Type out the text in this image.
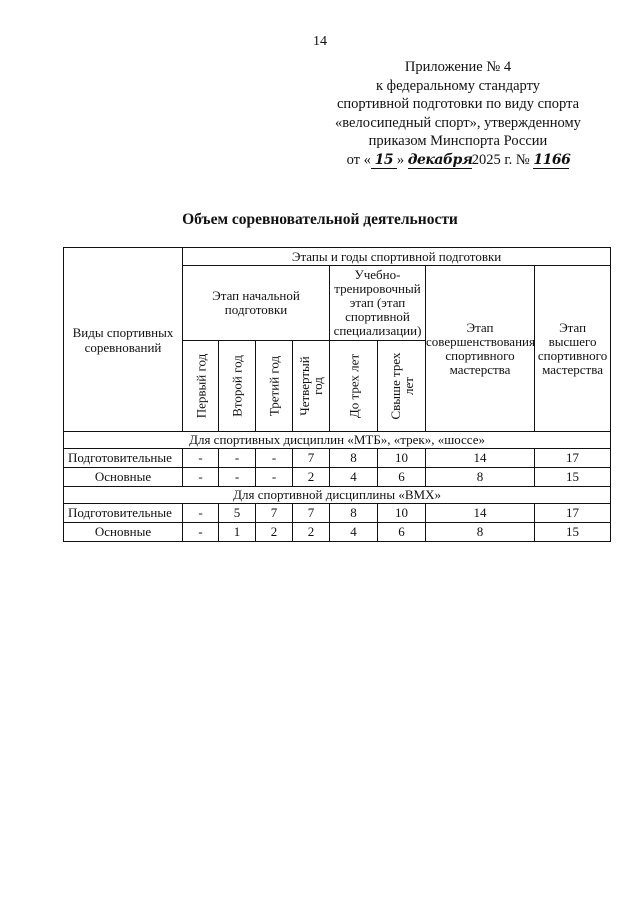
14
Приложение № 4
к федеральному стандарту
спортивной подготовки по виду спорта
«велосипедный спорт», утвержденному
приказом Минспорта России
от « 15 » декабря2025 г. № 1166
Объем соревновательной деятельности
Виды спортивных соревнований	Этапы и годы спортивной подготовки							
	Этап начальной подготовки				Учебно-тренировочный этап (этап спортивной специализации)		Этап совершенствования спортивного мастерства	Этап высшего спортивного мастерства

	Первый год	Второй год	Третий год	Четвертый год	До трех лет	Свыше трех лет		

Для спортивных дисциплин «МТБ», «трек», «шоссе»								
Подготовительные	-	-	-	7	8	10	14	17
Основные	-	-	-	2	4	6	8	15
Для спортивной дисциплины «BMX»								
Подготовительные	-	5	7	7	8	10	14	17
Основные	-	1	2	2	4	6	8	15
